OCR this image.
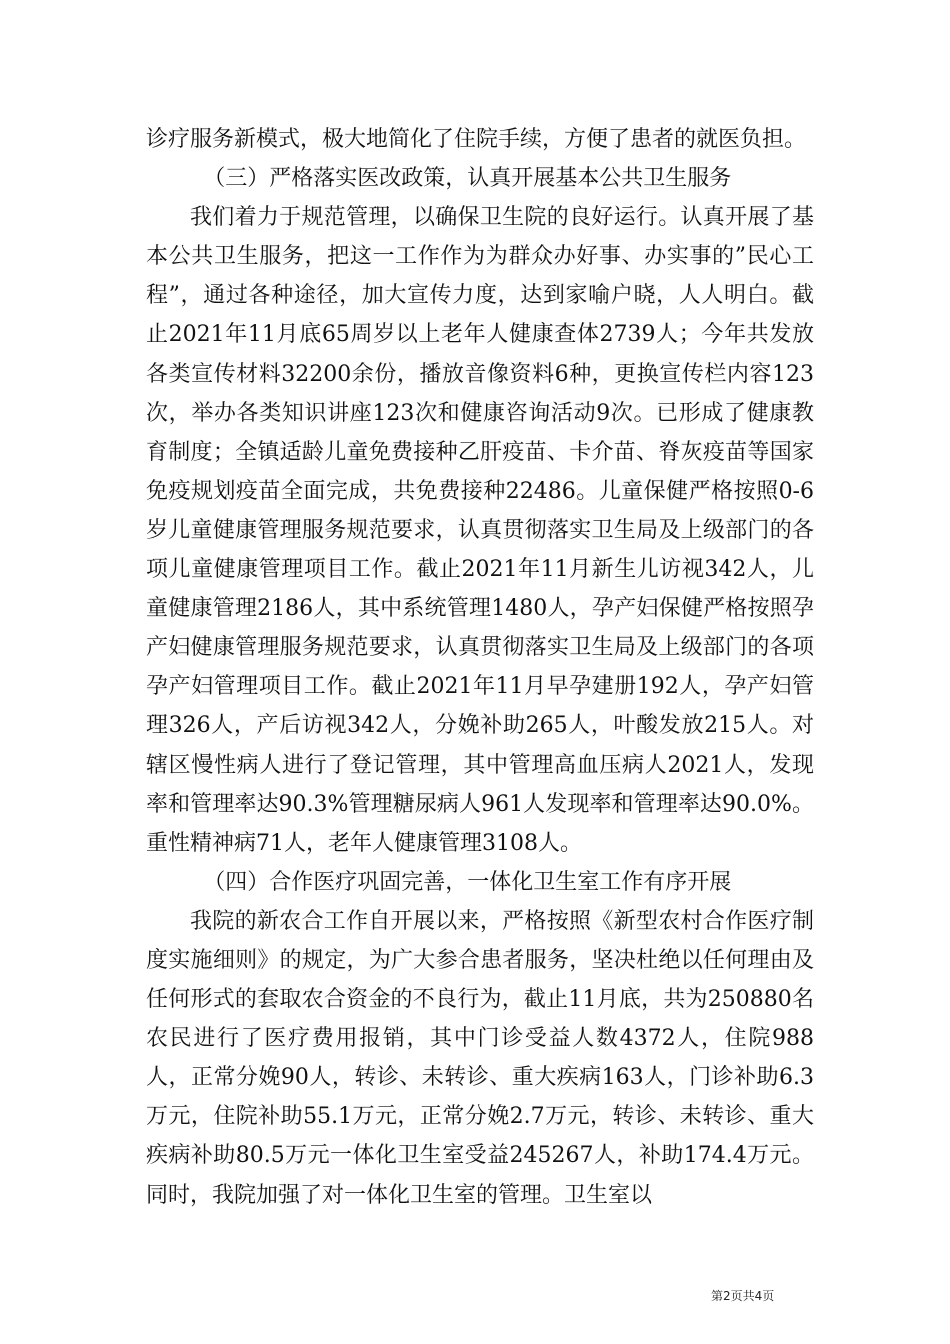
诊疗服务新模式，极大地简化了住院手续，方便了患者的就医负担。

（三）严格落实医改政策，认真开展基本公共卫生服务

我们着力于规范管理，以确保卫生院的良好运行。认真开展了基本公共卫生服务，把这一工作作为为群众办好事、办实事的”民心工程”，通过各种途径，加大宣传力度，达到家喻户晓，人人明白。截止2021年11月底65周岁以上老年人健康查体2739人；今年共发放各类宣传材料32200余份，播放音像资料6种，更换宣传栏内容123次，举办各类知识讲座123次和健康咨询活动9次。已形成了健康教育制度；全镇适龄儿童免费接种乙肝疫苗、卡介苗、脊灰疫苗等国家免疫规划疫苗全面完成，共免费接种22486。儿童保健严格按照0-6岁儿童健康管理服务规范要求，认真贯彻落实卫生局及上级部门的各项儿童健康管理项目工作。截止2021年11月新生儿访视342人，儿童健康管理2186人，其中系统管理1480人，孕产妇保健严格按照孕产妇健康管理服务规范要求，认真贯彻落实卫生局及上级部门的各项孕产妇管理项目工作。截止2021年11月早孕建册192人，孕产妇管理326人，产后访视342人，分娩补助265人，叶酸发放215人。对辖区慢性病人进行了登记管理，其中管理高血压病人2021人，发现率和管理率达90.3%管理糖尿病人961人发现率和管理率达90.0%。重性精神病71人，老年人健康管理3108人。

（四）合作医疗巩固完善，一体化卫生室工作有序开展

我院的新农合工作自开展以来，严格按照《新型农村合作医疗制度实施细则》的规定，为广大参合患者服务，坚决杜绝以任何理由及任何形式的套取农合资金的不良行为，截止11月底，共为250880名农民进行了医疗费用报销，其中门诊受益人数4372人，住院988人，正常分娩90人，转诊、未转诊、重大疾病163人，门诊补助6.3万元，住院补助55.1万元，正常分娩2.7万元，转诊、未转诊、重大疾病补助80.5万元一体化卫生室受益245267人，补助174.4万元。同时，我院加强了对一体化卫生室的管理。卫生室以

第2页共4页
